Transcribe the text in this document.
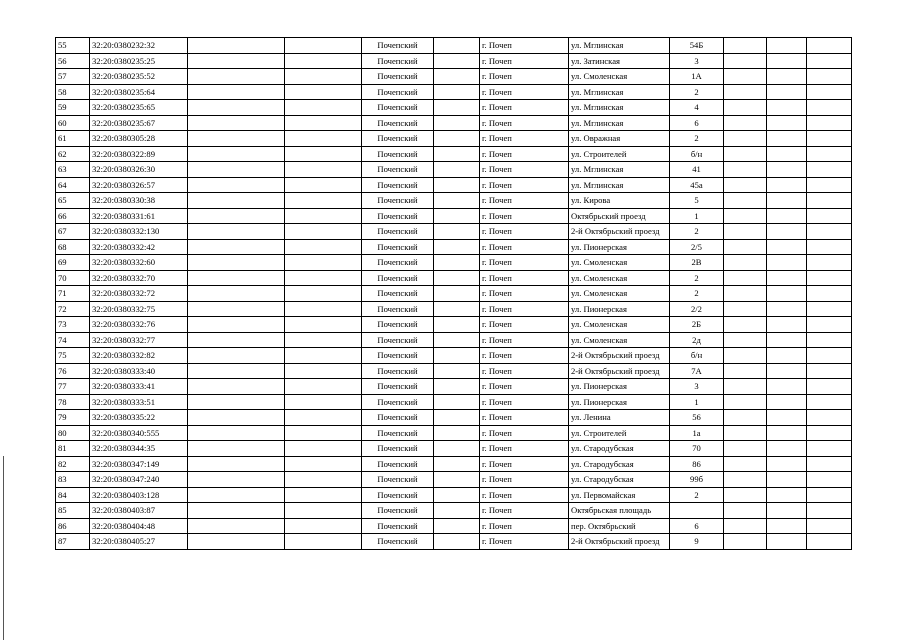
55	32:20:0380232:32			Почепский		г. Почеп	ул. Мглинская	54Б			
56	32:20:0380235:25			Почепский		г. Почеп	ул. Затинская	3			
57	32:20:0380235:52			Почепский		г. Почеп	ул. Смоленская	1А			
58	32:20:0380235:64			Почепский		г. Почеп	ул. Мглинская	2			
59	32:20:0380235:65			Почепский		г. Почеп	ул. Мглинская	4			
60	32:20:0380235:67			Почепский		г. Почеп	ул. Мглинская	6			
61	32:20:0380305:28			Почепский		г. Почеп	ул. Овражная	2			
62	32:20:0380322:89			Почепский		г. Почеп	ул. Строителей	б/н			
63	32:20:0380326:30			Почепский		г. Почеп	ул. Мглинская	41			
64	32:20:0380326:57			Почепский		г. Почеп	ул. Мглинская	45а			
65	32:20:0380330:38			Почепский		г. Почеп	ул. Кирова	5			
66	32:20:0380331:61			Почепский		г. Почеп	Октябрьский проезд	1			
67	32:20:0380332:130			Почепский		г. Почеп	2-й Октябрьский проезд	2			
68	32:20:0380332:42			Почепский		г. Почеп	ул. Пионерская	2/5			
69	32:20:0380332:60			Почепский		г. Почеп	ул. Смоленская	2В			
70	32:20:0380332:70			Почепский		г. Почеп	ул. Смоленская	2			
71	32:20:0380332:72			Почепский		г. Почеп	ул. Смоленская	2			
72	32:20:0380332:75			Почепский		г. Почеп	ул. Пионерская	2/2			
73	32:20:0380332:76			Почепский		г. Почеп	ул. Смоленская	2Б			
74	32:20:0380332:77			Почепский		г. Почеп	ул. Смоленская	2д			
75	32:20:0380332:82			Почепский		г. Почеп	2-й Октябрьский проезд	б/н			
76	32:20:0380333:40			Почепский		г. Почеп	2-й Октябрьский проезд	7А			
77	32:20:0380333:41			Почепский		г. Почеп	ул. Пионерская	3			
78	32:20:0380333:51			Почепский		г. Почеп	ул. Пионерская	1			
79	32:20:0380335:22			Почепский		г. Почеп	ул. Ленина	56			
80	32:20:0380340:555			Почепский		г. Почеп	ул. Строителей	1а			
81	32:20:0380344:35			Почепский		г. Почеп	ул. Стародубская	70			
82	32:20:0380347:149			Почепский		г. Почеп	ул. Стародубская	86			
83	32:20:0380347:240			Почепский		г. Почеп	ул. Стародубская	99б			
84	32:20:0380403:128			Почепский		г. Почеп	ул. Первомайская	2			
85	32:20:0380403:87			Почепский		г. Почеп	Октябрьская площадь				
86	32:20:0380404:48			Почепский		г. Почеп	пер. Октябрьский	6			
87	32:20:0380405:27			Почепский		г. Почеп	2-й Октябрьский проезд	9			
